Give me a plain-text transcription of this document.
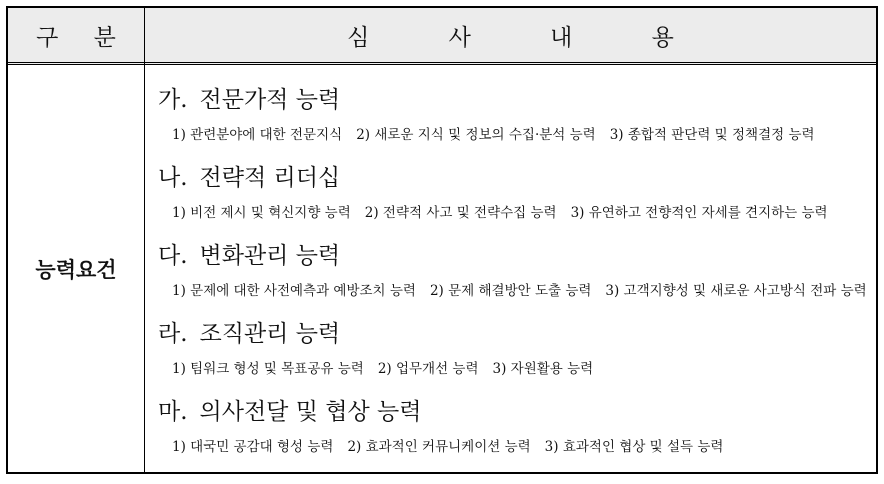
구 분	심 사 내 용
능력요건
가. 전문가적 능력
1) 관련분야에 대한 전문지식 2) 새로운 지식 및 정보의 수집·분석 능력 3) 종합적 판단력 및 정책결정 능력
나. 전략적 리더십
1) 비전 제시 및 혁신지향 능력 2) 전략적 사고 및 전략수집 능력 3) 유연하고 전향적인 자세를 견지하는 능력
다. 변화관리 능력
1) 문제에 대한 사전예측과 예방조치 능력 2) 문제 해결방안 도출 능력 3) 고객지향성 및 새로운 사고방식 전파 능력
라. 조직관리 능력
1) 팀워크 형성 및 목표공유 능력 2) 업무개선 능력 3) 자원활용 능력
마. 의사전달 및 협상 능력
1) 대국민 공감대 형성 능력 2) 효과적인 커뮤니케이션 능력 3) 효과적인 협상 및 설득 능력
